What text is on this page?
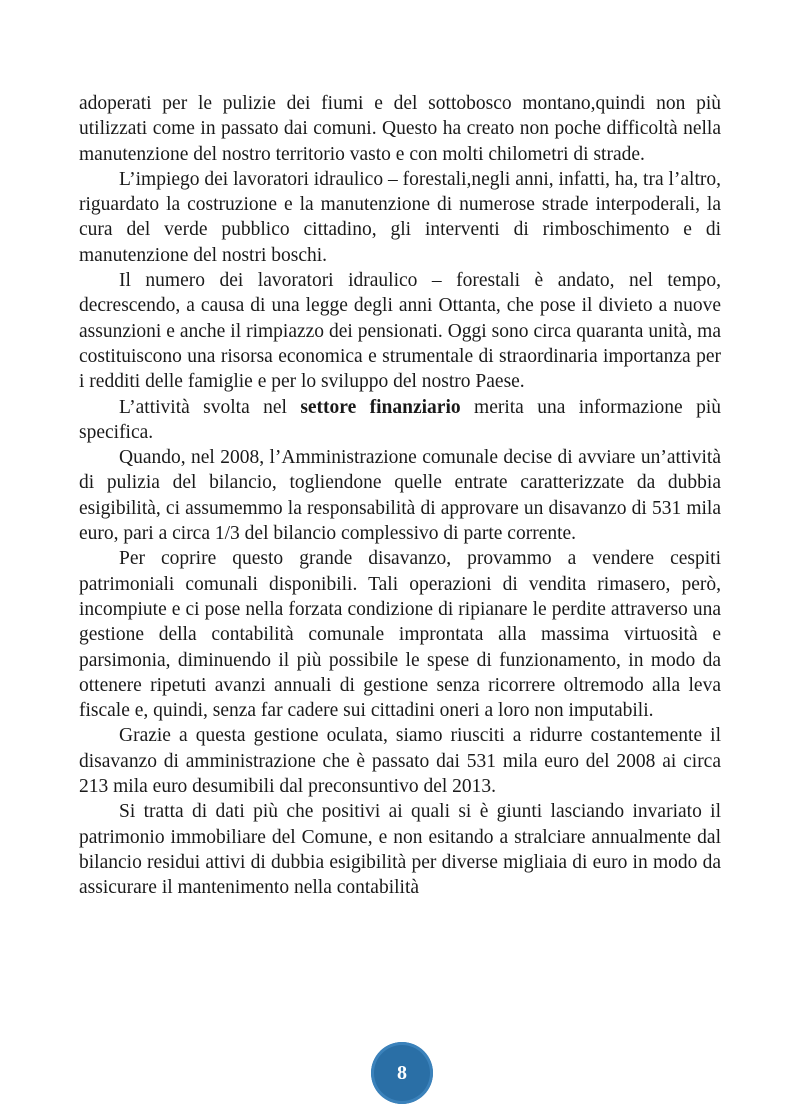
adoperati per le pulizie dei fiumi e del sottobosco montano,quindi non più utilizzati come in passato dai comuni. Questo ha creato non poche difficoltà nella manutenzione del nostro territorio vasto e con molti chilometri di strade.

L’impiego dei lavoratori idraulico – forestali,negli anni, infatti, ha, tra l’altro, riguardato la costruzione e la manutenzione di numerose strade interpoderali, la cura del verde pubblico cittadino, gli interventi di rimboschimento e di manutenzione del nostri boschi.

Il numero dei lavoratori idraulico – forestali è andato, nel tempo, decrescendo, a causa di una legge degli anni Ottanta, che pose il divieto a nuove assunzioni e anche il rimpiazzo dei pensionati. Oggi sono circa quaranta unità, ma costituiscono una risorsa economica e strumentale di straordinaria importanza per i redditi delle famiglie e per lo sviluppo del nostro Paese.

L’attività svolta nel settore finanziario merita una informazione più specifica.

Quando, nel 2008, l’Amministrazione comunale decise di avviare un’attività di pulizia del bilancio, togliendone quelle entrate caratterizzate da dubbia esigibilità, ci assumemmo la responsabilità di approvare un disavanzo di 531 mila euro, pari a circa 1/3 del bilancio complessivo di parte corrente.

Per coprire questo grande disavanzo, provammo a vendere cespiti patrimoniali comunali disponibili. Tali operazioni di vendita rimasero, però, incompiute e ci pose nella forzata condizione di ripianare le perdite attraverso una gestione della contabilità comunale improntata alla massima virtuosità e parsimonia, diminuendo il più possibile le spese di funzionamento, in modo da ottenere ripetuti avanzi annuali di gestione senza ricorrere oltremodo alla leva fiscale e, quindi, senza far cadere sui cittadini oneri a loro non imputabili.

Grazie a questa gestione oculata, siamo riusciti a ridurre costantemente il disavanzo di amministrazione che è passato dai 531 mila euro del 2008 ai circa 213 mila euro desumibili dal preconsuntivo del 2013.

Si tratta di dati più che positivi ai quali si è giunti lasciando invariato il patrimonio immobiliare del Comune, e non esitando a stralciare annualmente dal bilancio residui attivi di dubbia esigibilità per diverse migliaia di euro in modo da assicurare il mantenimento nella contabilità

8
